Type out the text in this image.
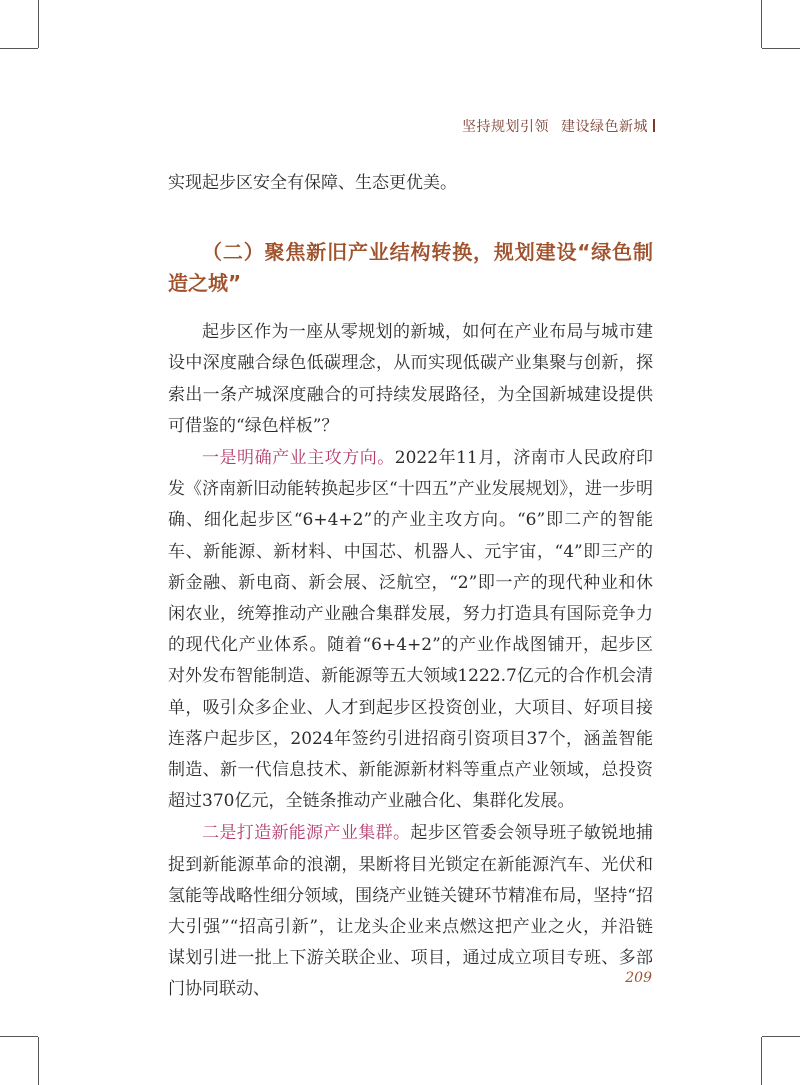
坚持规划引领 建设绿色新城

实现起步区安全有保障、生态更优美。

（二）聚焦新旧产业结构转换，规划建设“绿色制造之城”

起步区作为一座从零规划的新城，如何在产业布局与城市建设中深度融合绿色低碳理念，从而实现低碳产业集聚与创新，探索出一条产城深度融合的可持续发展路径，为全国新城建设提供可借鉴的“绿色样板”？

一是明确产业主攻方向。2022年11月，济南市人民政府印发《济南新旧动能转换起步区“十四五”产业发展规划》，进一步明确、细化起步区“6+4+2”的产业主攻方向。“6”即二产的智能车、新能源、新材料、中国芯、机器人、元宇宙，“4”即三产的新金融、新电商、新会展、泛航空，“2”即一产的现代种业和休闲农业，统筹推动产业融合集群发展，努力打造具有国际竞争力的现代化产业体系。随着“6+4+2”的产业作战图铺开，起步区对外发布智能制造、新能源等五大领域1222.7亿元的合作机会清单，吸引众多企业、人才到起步区投资创业，大项目、好项目接连落户起步区，2024年签约引进招商引资项目37个，涵盖智能制造、新一代信息技术、新能源新材料等重点产业领域，总投资超过370亿元，全链条推动产业融合化、集群化发展。

二是打造新能源产业集群。起步区管委会领导班子敏锐地捕捉到新能源革命的浪潮，果断将目光锁定在新能源汽车、光伏和氢能等战略性细分领域，围绕产业链关键环节精准布局，坚持“招大引强”“招高引新”，让龙头企业来点燃这把产业之火，并沿链谋划引进一批上下游关联企业、项目，通过成立项目专班、多部门协同联动、

209
